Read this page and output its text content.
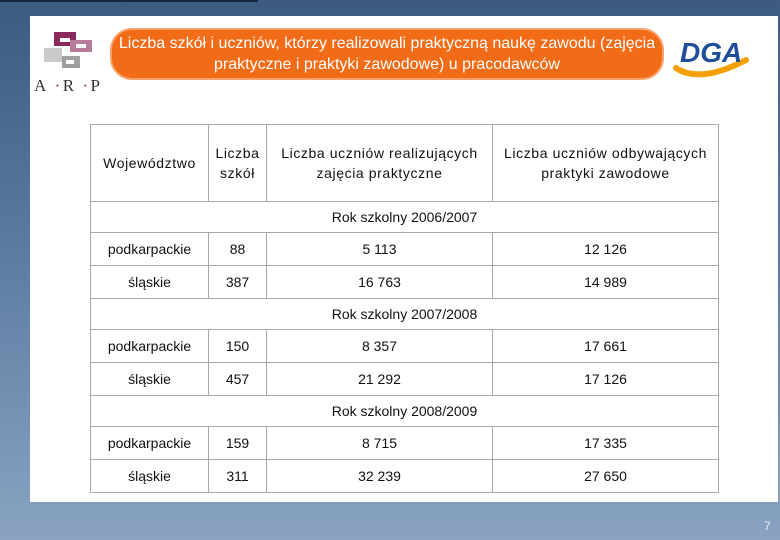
A · R · P
Liczba szkół i uczniów, którzy realizowali praktyczną naukę zawodu (zajęcia praktyczne i praktyki zawodowe) u pracodawców	DGA
Województwo	Liczba szkół	Liczba uczniów realizujących zajęcia praktyczne	Liczba uczniów odbywających praktyki zawodowe
Rok szkolny 2006/2007			
podkarpackie	88	5 113	12 126
śląskie	387	16 763	14 989
Rok szkolny 2007/2008			
podkarpackie	150	8 357	17 661
śląskie	457	21 292	17 126
Rok szkolny 2008/2009			
podkarpackie	159	8 715	17 335
śląskie	311	32 239	27 650
7
